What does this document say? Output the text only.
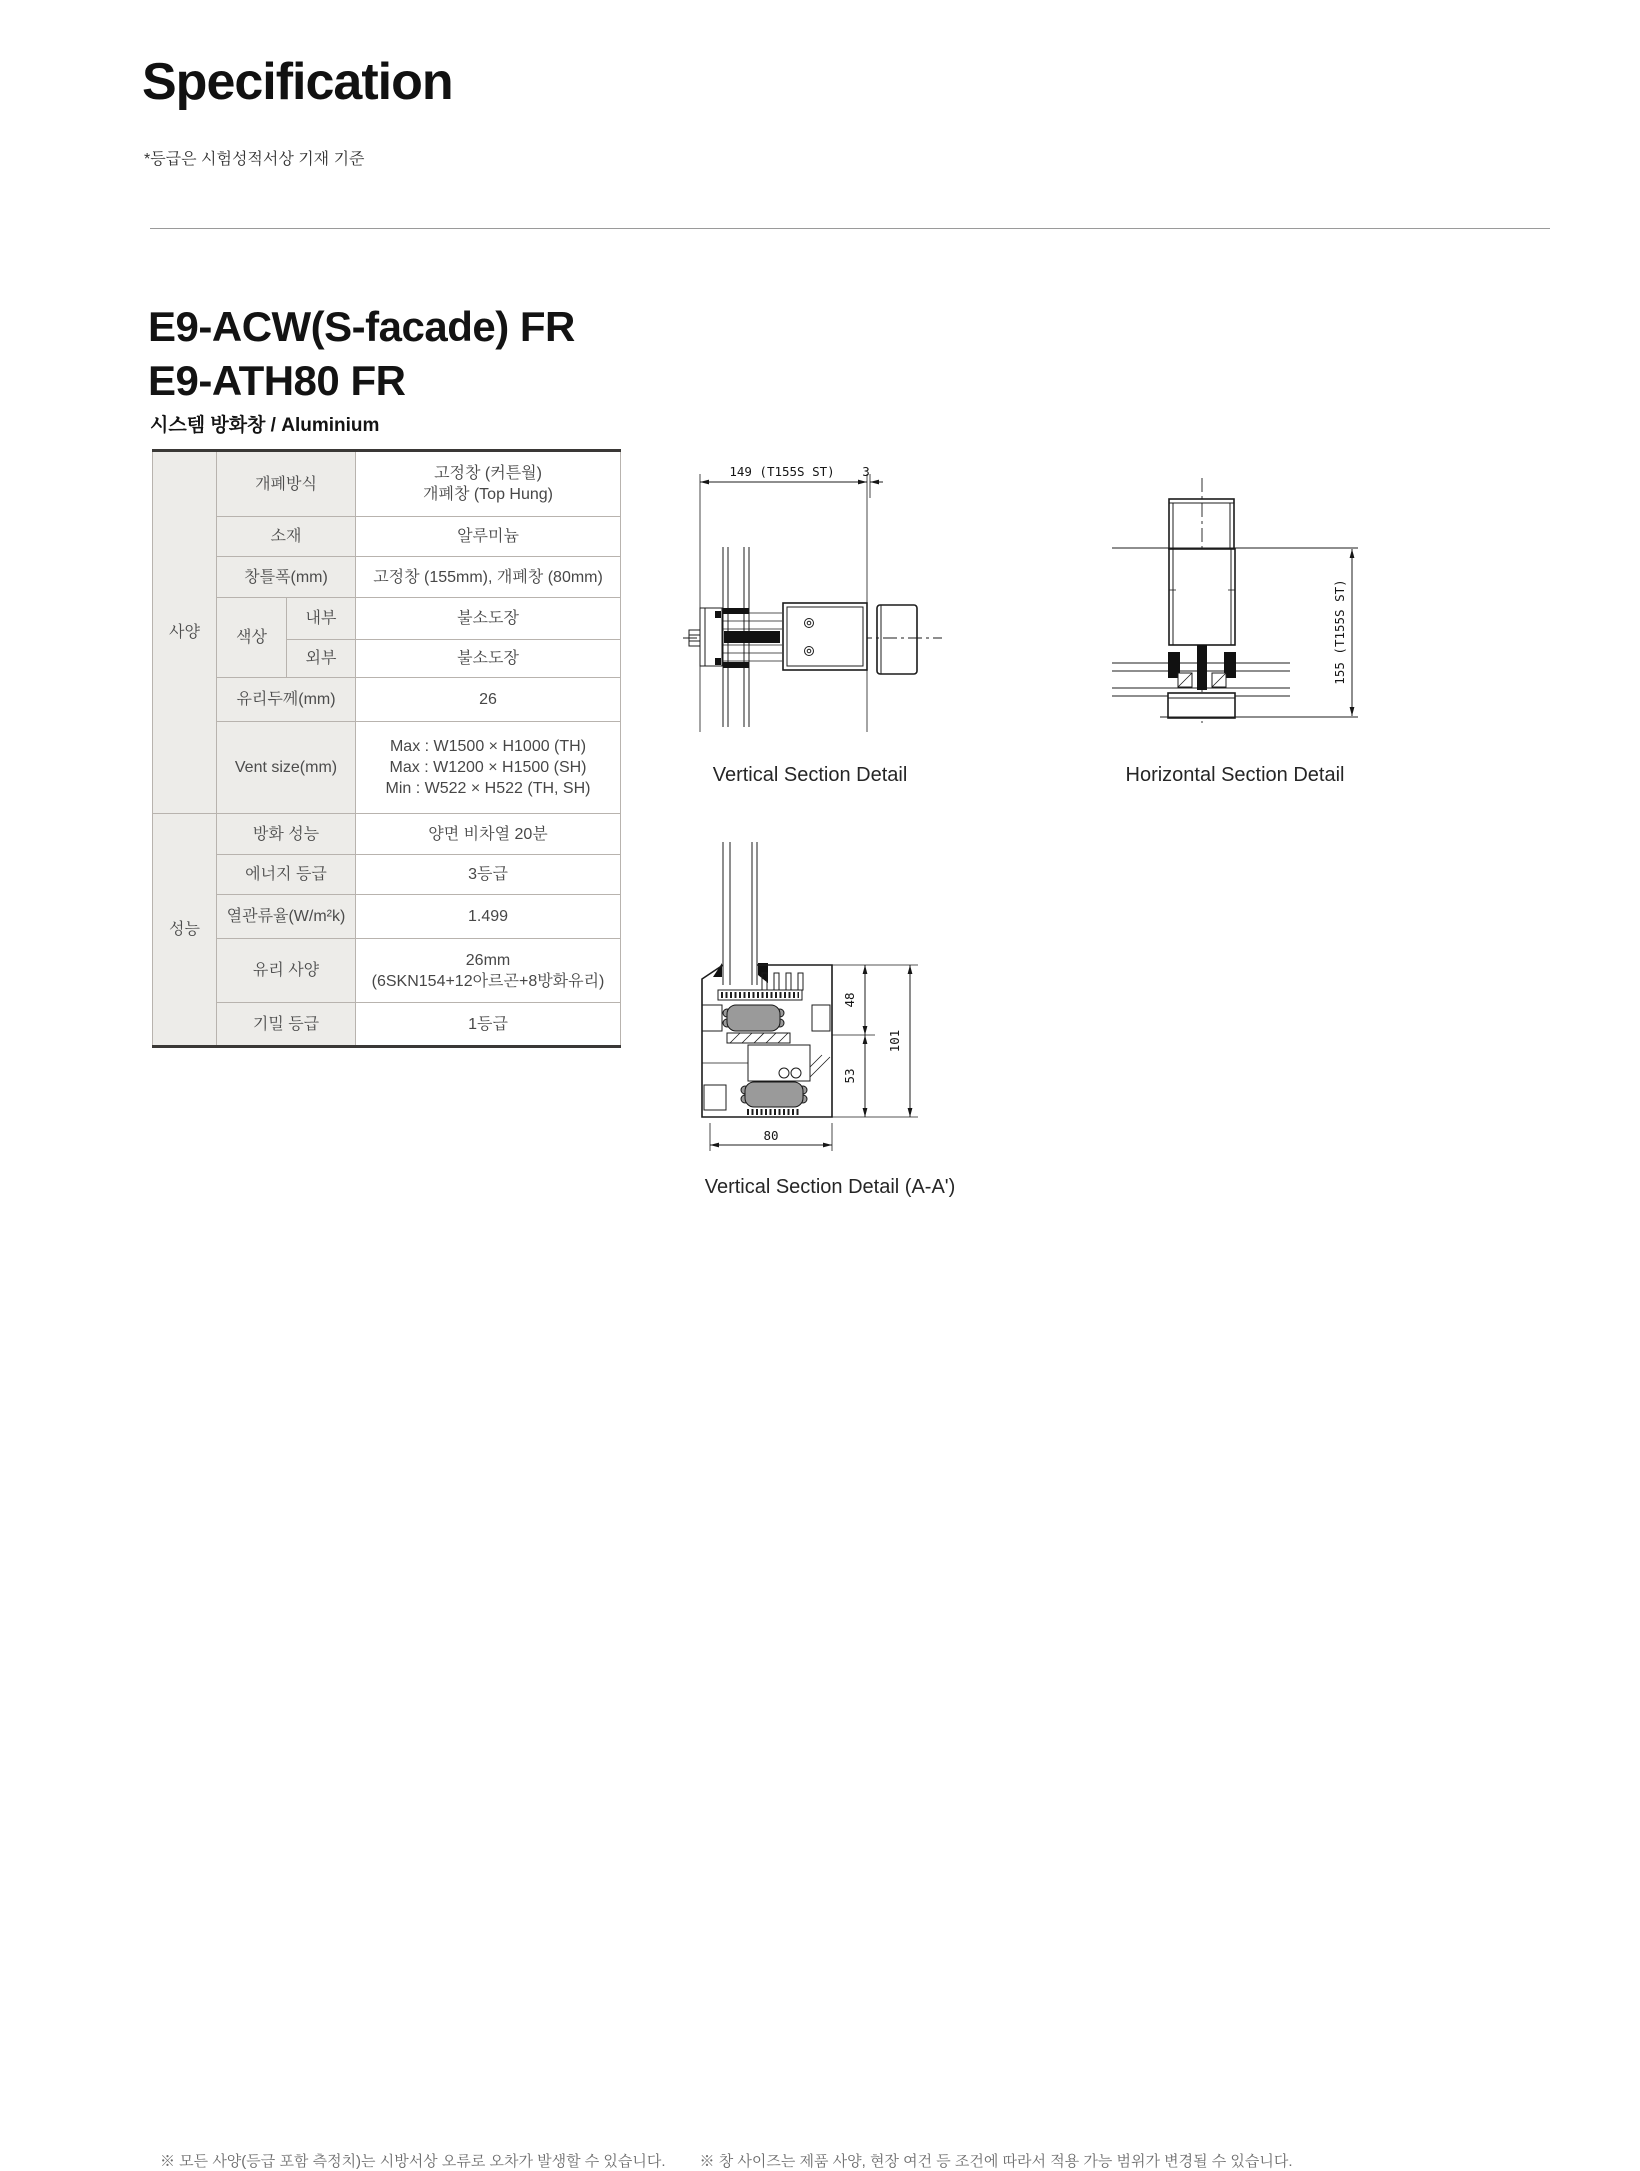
Specification
*등급은 시험성적서상 기재 기준
E9-ACW(S-facade) FR
E9-ATH80 FR
시스템 방화창 / Aluminium
사양	개폐방식		고정창 (커튼월)
개폐창 (Top Hung)

	소재		알루미늄
	창틀폭(mm)		고정창 (155mm), 개폐창 (80mm)
	색상	내부	불소도장
		외부	불소도장
	유리두께(mm)		26
	Vent size(mm)		Max : W1500 × H1000 (TH)
Max : W1200 × H1500 (SH)
Min : W522 × H522 (TH, SH)

성능	방화 성능		양면 비차열 20분
	에너지 등급		3등급
	열관류율(W/m²k)		1.499
	유리 사양		26mm
(6SKN154+12아르곤+8방화유리)

	기밀 등급		1등급
149 (T155S ST) 3
Vertical Section Detail
155 (T155S ST)
Horizontal Section Detail
48
53
101
80
Vertical Section Detail (A-A')
※ 모든 사양(등급 포함 측정치)는 시방서상 오류로 오차가 발생할 수 있습니다. ※ 창 사이즈는 제품 사양, 현장 여건 등 조건에 따라서 적용 가능 범위가 변경될 수 있습니다.
